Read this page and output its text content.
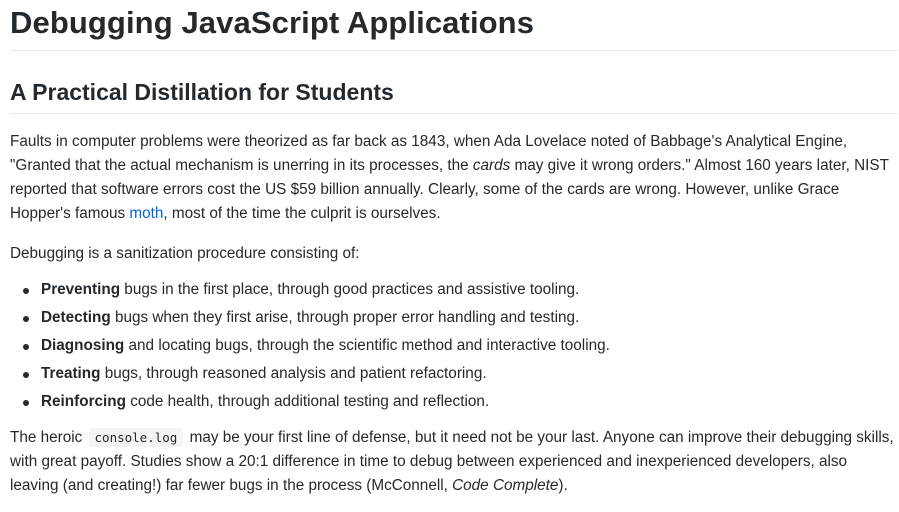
Debugging JavaScript Applications
A Practical Distillation for Students

Faults in computer problems were theorized as far back as 1843, when Ada Lovelace noted of Babbage's Analytical Engine, "Granted that the actual mechanism is unerring in its processes, the cards may give it wrong orders." Almost 160 years later, NIST reported that software errors cost the US $59 billion annually. Clearly, some of the cards are wrong. However, unlike Grace Hopper's famous moth, most of the time the culprit is ourselves.

Debugging is a sanitization procedure consisting of:

Preventing bugs in the first place, through good practices and assistive tooling.
Detecting bugs when they first arise, through proper error handling and testing.
Diagnosing and locating bugs, through the scientific method and interactive tooling.
Treating bugs, through reasoned analysis and patient refactoring.
Reinforcing code health, through additional testing and reflection.

The heroic console.log may be your first line of defense, but it need not be your last. Anyone can improve their debugging skills, with great payoff. Studies show a 20:1 difference in time to debug between experienced and inexperienced developers, also leaving (and creating!) far fewer bugs in the process (McConnell, Code Complete).
